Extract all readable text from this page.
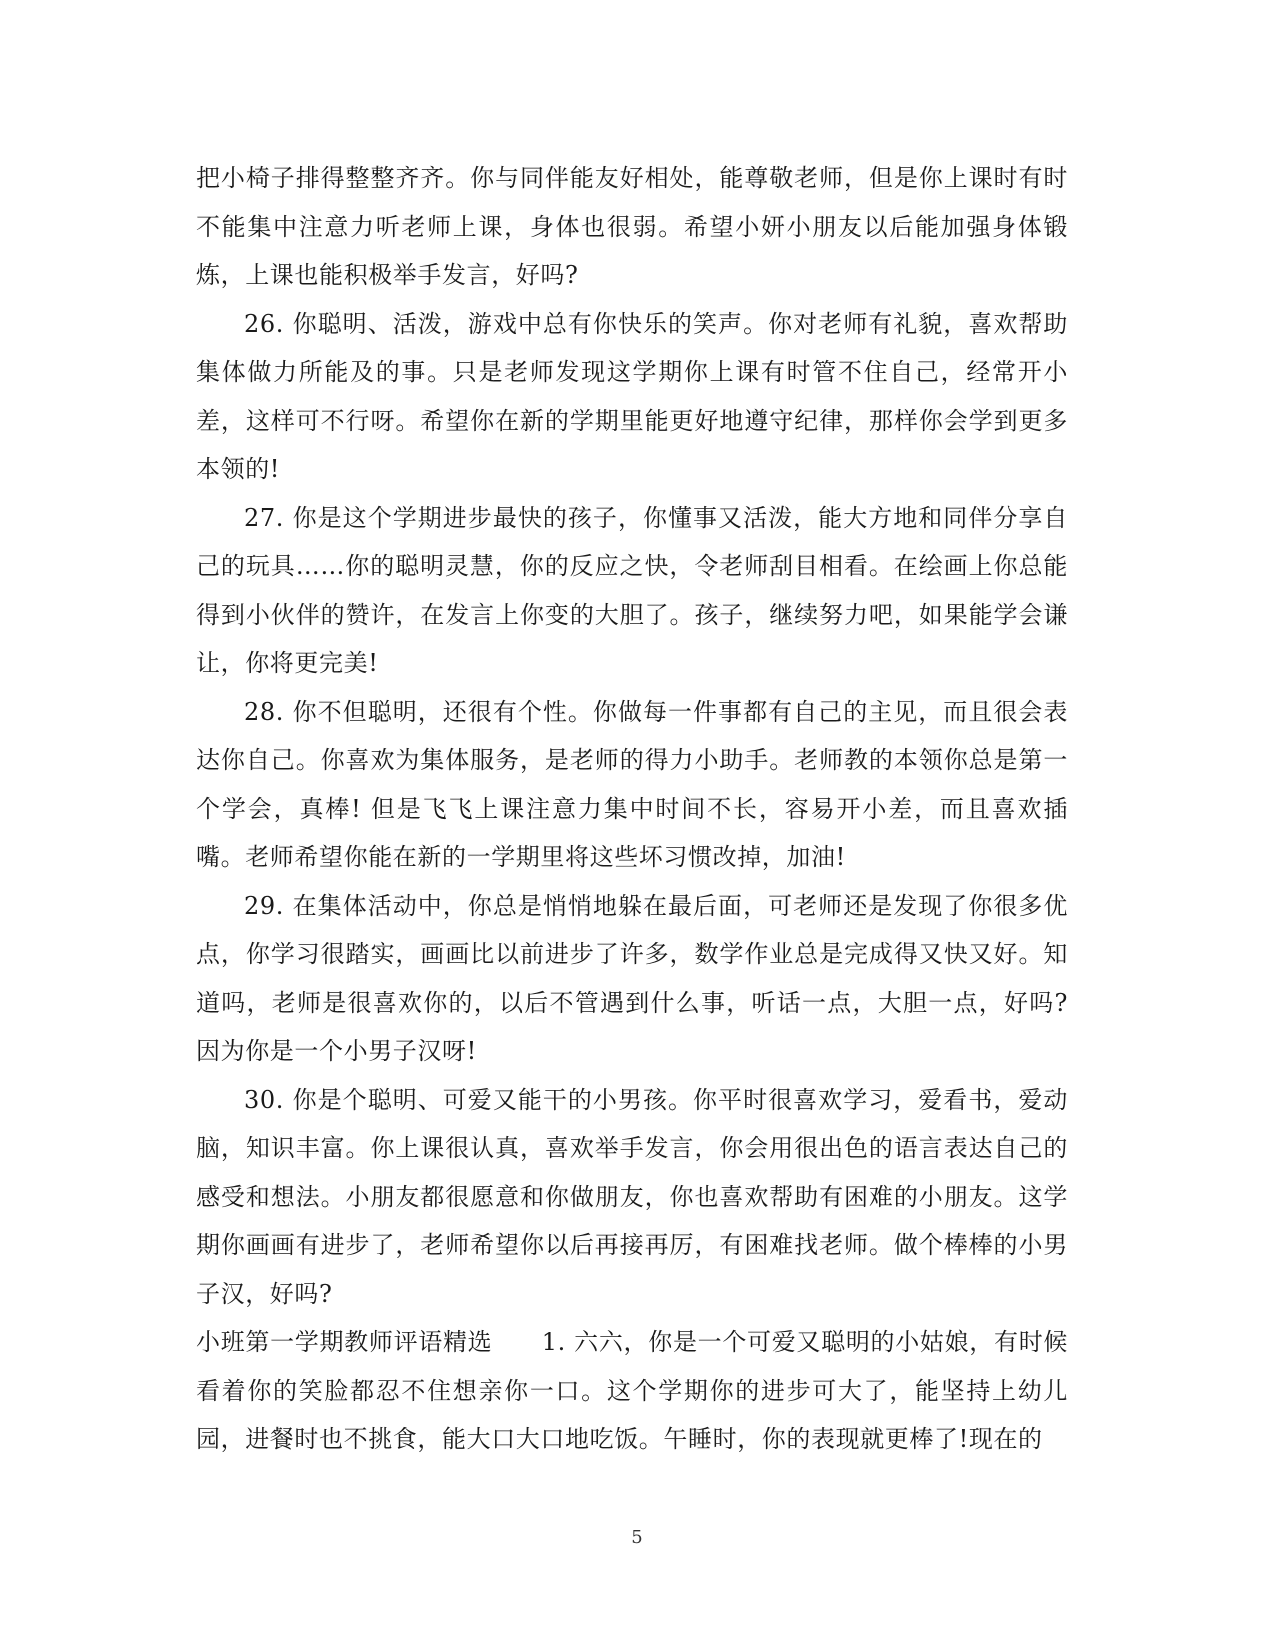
把小椅子排得整整齐齐。你与同伴能友好相处，能尊敬老师，但是你上课时有时不能集中注意力听老师上课，身体也很弱。希望小妍小朋友以后能加强身体锻炼，上课也能积极举手发言，好吗?

26. 你聪明、活泼，游戏中总有你快乐的笑声。你对老师有礼貌，喜欢帮助集体做力所能及的事。只是老师发现这学期你上课有时管不住自己，经常开小差，这样可不行呀。希望你在新的学期里能更好地遵守纪律，那样你会学到更多本领的!

27. 你是这个学期进步最快的孩子，你懂事又活泼，能大方地和同伴分享自己的玩具……你的聪明灵慧，你的反应之快，令老师刮目相看。在绘画上你总能得到小伙伴的赞许，在发言上你变的大胆了。孩子，继续努力吧，如果能学会谦让，你将更完美!

28. 你不但聪明，还很有个性。你做每一件事都有自己的主见，而且很会表达你自己。你喜欢为集体服务，是老师的得力小助手。老师教的本领你总是第一个学会，真棒! 但是飞飞上课注意力集中时间不长，容易开小差，而且喜欢插嘴。老师希望你能在新的一学期里将这些坏习惯改掉，加油!

29. 在集体活动中，你总是悄悄地躲在最后面，可老师还是发现了你很多优点，你学习很踏实，画画比以前进步了许多，数学作业总是完成得又快又好。知道吗，老师是很喜欢你的，以后不管遇到什么事，听话一点，大胆一点，好吗?因为你是一个小男子汉呀!

30. 你是个聪明、可爱又能干的小男孩。你平时很喜欢学习，爱看书，爱动脑，知识丰富。你上课很认真，喜欢举手发言，你会用很出色的语言表达自己的感受和想法。小朋友都很愿意和你做朋友，你也喜欢帮助有困难的小朋友。这学期你画画有进步了，老师希望你以后再接再厉，有困难找老师。做个棒棒的小男子汉，好吗?

小班第一学期教师评语精选　　1. 六六，你是一个可爱又聪明的小姑娘，有时候看着你的笑脸都忍不住想亲你一口。这个学期你的进步可大了，能坚持上幼儿园，进餐时也不挑食，能大口大口地吃饭。午睡时，你的表现就更棒了!现在的

5
